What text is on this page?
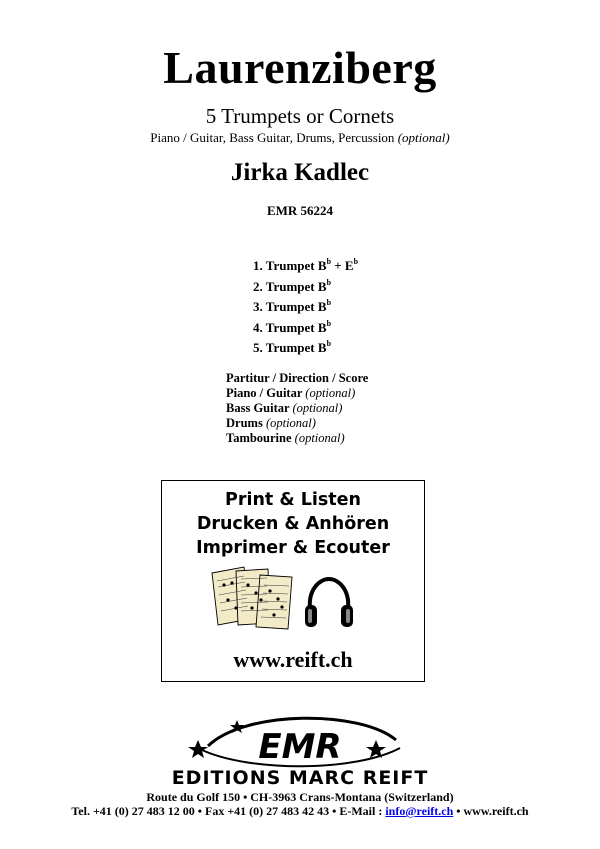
Laurenziberg
5 Trumpets or Cornets
Piano / Guitar, Bass Guitar, Drums, Percussion (optional)
Jirka Kadlec
EMR 56224
1. Trumpet $B^b + E^b$
2. Trumpet $B^b$
3. Trumpet $B^b$
4. Trumpet $B^b$
5. Trumpet $B^b$
Partitur / Direction / Score
Piano / Guitar (optional)
Bass Guitar (optional)
Drums (optional)
Tambourine (optional)
Print & Listen
Drucken & Anhören
Imprimer & Ecouter
www.reift.ch
EMR
EDITIONS MARC REIFT
Route du Golf 150 • CH-3963 Crans-Montana (Switzerland)
Tel. +41 (0) 27 483 12 00 • Fax +41 (0) 27 483 42 43 • E-Mail : info@reift.ch • www.reift.ch
